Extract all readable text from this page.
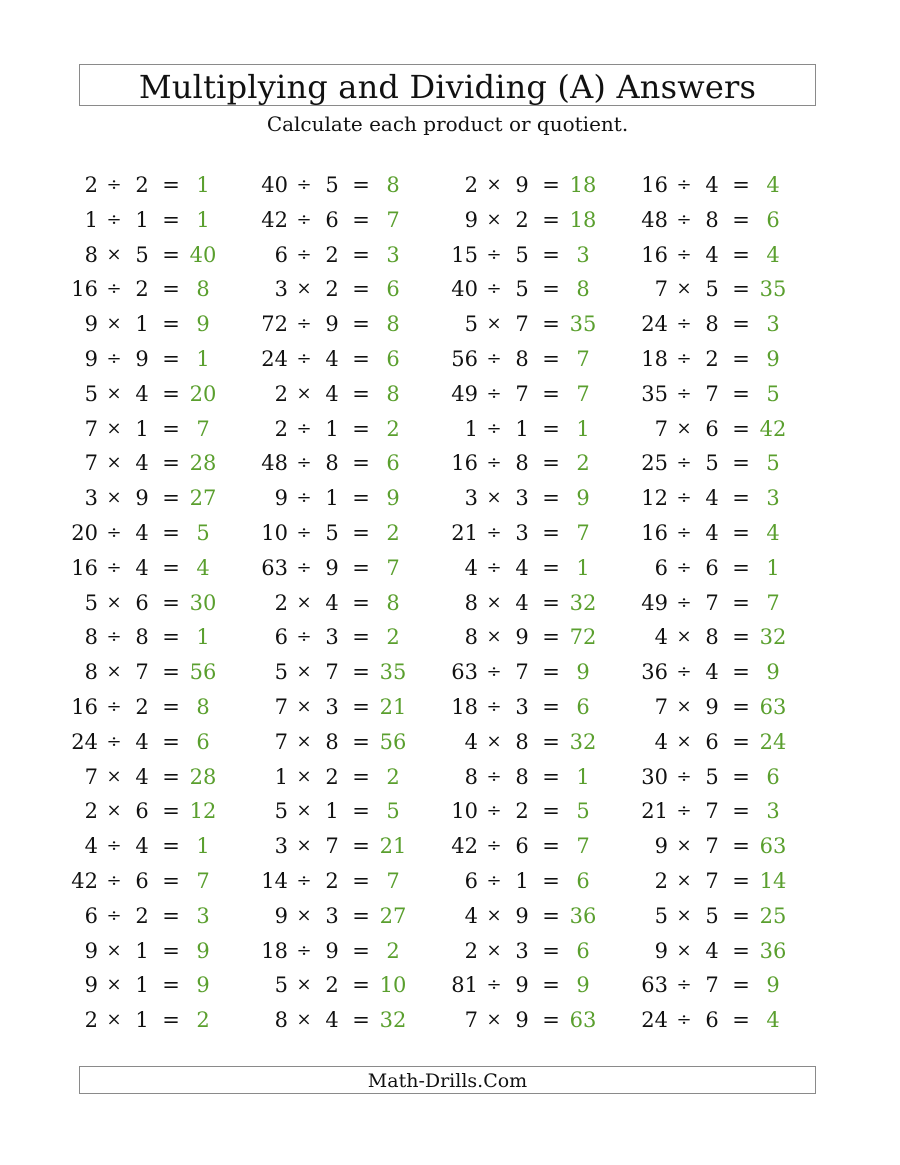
Multiplying and Dividing (A) Answers
Calculate each product or quotient.
2 ÷ 2 = 1
1 ÷ 1 = 1
8 × 5 = 40
16 ÷ 2 = 8
9 × 1 = 9
9 ÷ 9 = 1
5 × 4 = 20
7 × 1 = 7
7 × 4 = 28
3 × 9 = 27
20 ÷ 4 = 5
16 ÷ 4 = 4
5 × 6 = 30
8 ÷ 8 = 1
8 × 7 = 56
16 ÷ 2 = 8
24 ÷ 4 = 6
7 × 4 = 28
2 × 6 = 12
4 ÷ 4 = 1
42 ÷ 6 = 7
6 ÷ 2 = 3
9 × 1 = 9
9 × 1 = 9
2 × 1 = 2
40 ÷ 5 = 8
42 ÷ 6 = 7
6 ÷ 2 = 3
3 × 2 = 6
72 ÷ 9 = 8
24 ÷ 4 = 6
2 × 4 = 8
2 ÷ 1 = 2
48 ÷ 8 = 6
9 ÷ 1 = 9
10 ÷ 5 = 2
63 ÷ 9 = 7
2 × 4 = 8
6 ÷ 3 = 2
5 × 7 = 35
7 × 3 = 21
7 × 8 = 56
1 × 2 = 2
5 × 1 = 5
3 × 7 = 21
14 ÷ 2 = 7
9 × 3 = 27
18 ÷ 9 = 2
5 × 2 = 10
8 × 4 = 32
2 × 9 = 18
9 × 2 = 18
15 ÷ 5 = 3
40 ÷ 5 = 8
5 × 7 = 35
56 ÷ 8 = 7
49 ÷ 7 = 7
1 ÷ 1 = 1
16 ÷ 8 = 2
3 × 3 = 9
21 ÷ 3 = 7
4 ÷ 4 = 1
8 × 4 = 32
8 × 9 = 72
63 ÷ 7 = 9
18 ÷ 3 = 6
4 × 8 = 32
8 ÷ 8 = 1
10 ÷ 2 = 5
42 ÷ 6 = 7
6 ÷ 1 = 6
4 × 9 = 36
2 × 3 = 6
81 ÷ 9 = 9
7 × 9 = 63
16 ÷ 4 = 4
48 ÷ 8 = 6
16 ÷ 4 = 4
7 × 5 = 35
24 ÷ 8 = 3
18 ÷ 2 = 9
35 ÷ 7 = 5
7 × 6 = 42
25 ÷ 5 = 5
12 ÷ 4 = 3
16 ÷ 4 = 4
6 ÷ 6 = 1
49 ÷ 7 = 7
4 × 8 = 32
36 ÷ 4 = 9
7 × 9 = 63
4 × 6 = 24
30 ÷ 5 = 6
21 ÷ 7 = 3
9 × 7 = 63
2 × 7 = 14
5 × 5 = 25
9 × 4 = 36
63 ÷ 7 = 9
24 ÷ 6 = 4
Math-Drills.Com
